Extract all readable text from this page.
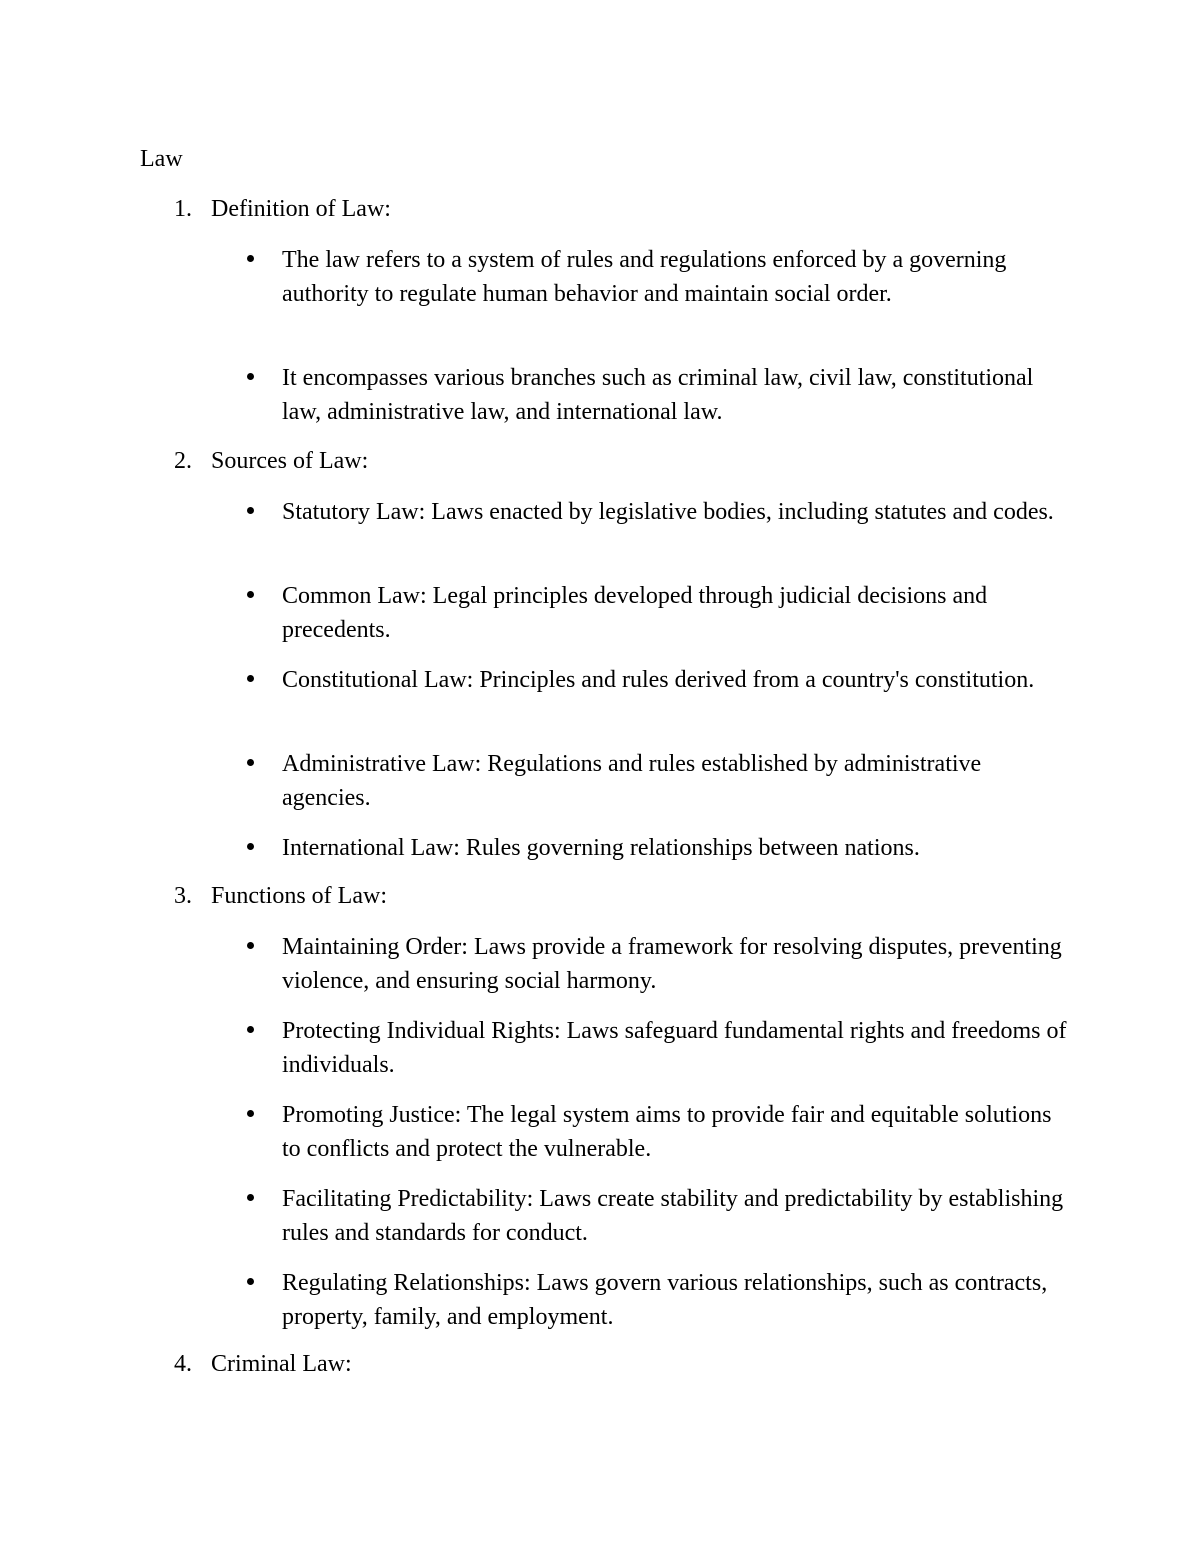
Law
1. Definition of Law:

The law refers to a system of rules and regulations enforced by a governing authority to regulate human behavior and maintain social order.

It encompasses various branches such as criminal law, civil law, constitutional law, administrative law, and international law.

2. Sources of Law:

Statutory Law: Laws enacted by legislative bodies, including statutes and codes.

Common Law: Legal principles developed through judicial decisions and precedents.

Constitutional Law: Principles and rules derived from a country's constitution.

Administrative Law: Regulations and rules established by administrative agencies.

International Law: Rules governing relationships between nations.

3. Functions of Law:

Maintaining Order: Laws provide a framework for resolving disputes, preventing violence, and ensuring social harmony.

Protecting Individual Rights: Laws safeguard fundamental rights and freedoms of individuals.

Promoting Justice: The legal system aims to provide fair and equitable solutions to conflicts and protect the vulnerable.

Facilitating Predictability: Laws create stability and predictability by establishing rules and standards for conduct.

Regulating Relationships: Laws govern various relationships, such as contracts, property, family, and employment.

4. Criminal Law:
